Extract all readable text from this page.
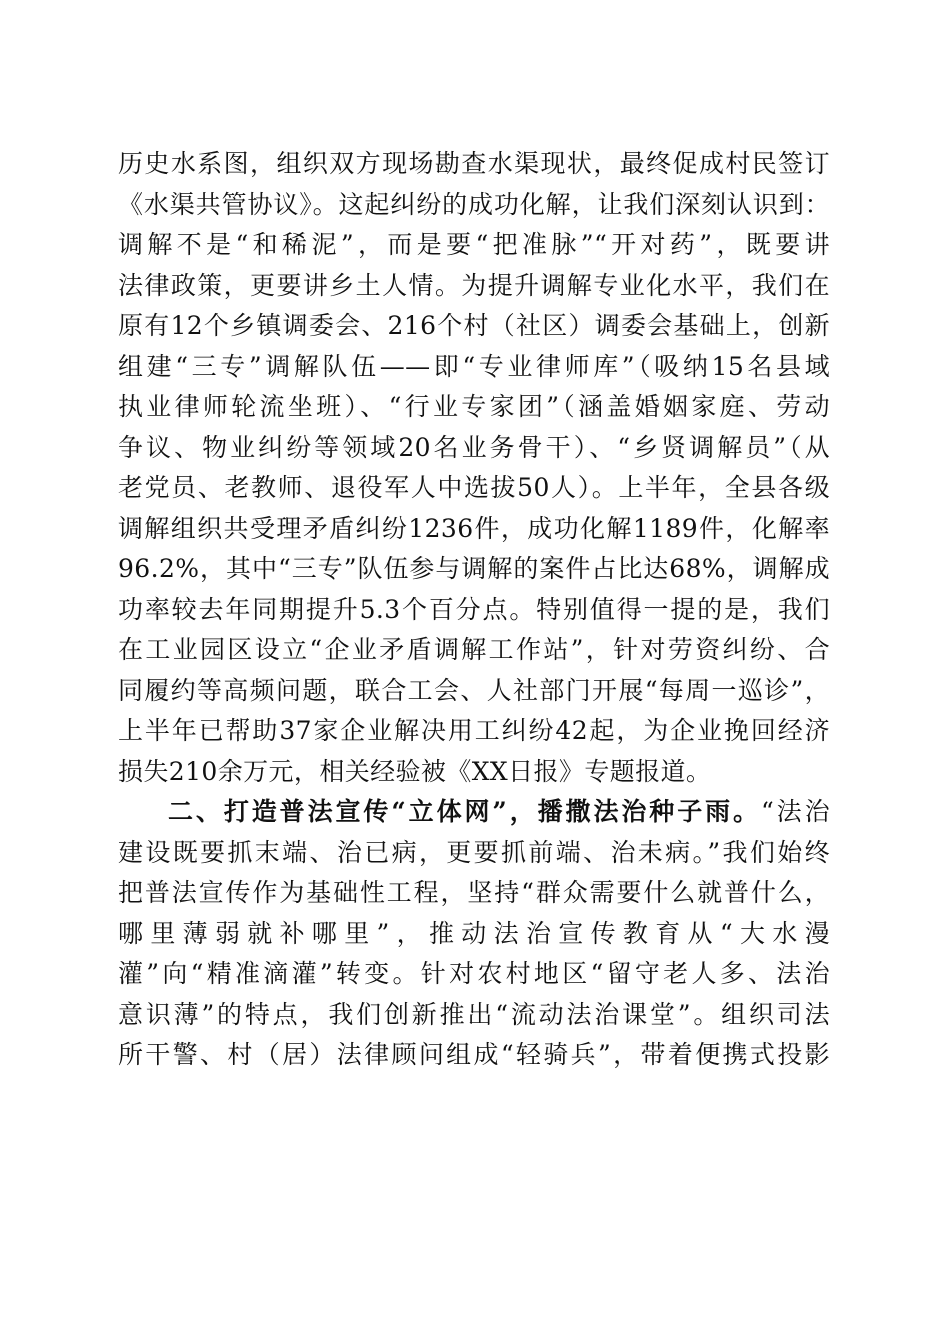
历史水系图，组织双方现场勘查水渠现状，最终促成村民签订
《水渠共管协议》。这起纠纷的成功化解，让我们深刻认识到：
调解不是“和稀泥”，而是要“把准脉”“开对药”，既要讲
法律政策，更要讲乡土人情。为提升调解专业化水平，我们在
原有12个乡镇调委会、216个村（社区）调委会基础上，创新
组建“三专”调解队伍——即“专业律师库”（吸纳15名县域
执业律师轮流坐班）、“行业专家团”（涵盖婚姻家庭、劳动
争议、物业纠纷等领域20名业务骨干）、“乡贤调解员”（从
老党员、老教师、退役军人中选拔50人）。上半年，全县各级
调解组织共受理矛盾纠纷1236件，成功化解1189件，化解率
96.2%，其中“三专”队伍参与调解的案件占比达68%，调解成
功率较去年同期提升5.3个百分点。特别值得一提的是，我们
在工业园区设立“企业矛盾调解工作站”，针对劳资纠纷、合
同履约等高频问题，联合工会、人社部门开展“每周一巡诊”，
上半年已帮助37家企业解决用工纠纷42起，为企业挽回经济
损失210余万元，相关经验被《XX日报》专题报道。
二、打造普法宣传“立体网”，播撒法治种子雨。“法治
建设既要抓末端、治已病，更要抓前端、治未病。”我们始终
把普法宣传作为基础性工程，坚持“群众需要什么就普什么，
哪里薄弱就补哪里”，推动法治宣传教育从“大水漫
灌”向“精准滴灌”转变。针对农村地区“留守老人多、法治
意识薄”的特点，我们创新推出“流动法治课堂”。组织司法
所干警、村（居）法律顾问组成“轻骑兵”，带着便携式投影
